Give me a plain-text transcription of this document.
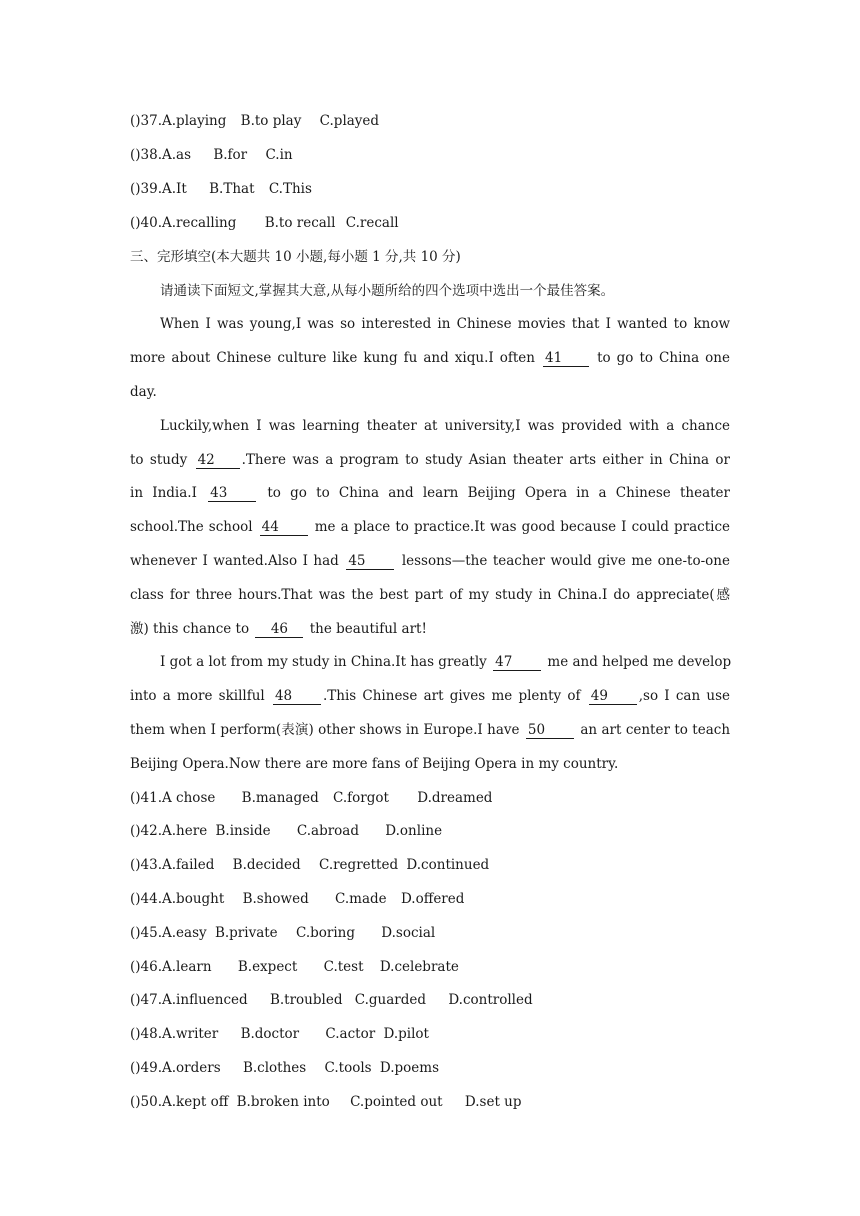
()37.A.playing B.to play C.played
()38.A.as B.for C.in
()39.A.It B.That C.This
()40.A.recalling B.to recall C.recall
三、完形填空(本大题共 10 小题,每小题 1 分,共 10 分)
请通读下面短文,掌握其大意,从每小题所给的四个选项中选出一个最佳答案。
When I was young,I was so interested in Chinese movies that I wanted to know
more about Chinese culture like kung fu and xiqu.I often 41	to go to China one
day.
Luckily,when I was learning theater at university,I was provided with a chance
to study 42 .There was a program to study Asian theater arts either in China or
in India.I 43	to go to China and learn Beijing Opera in a Chinese theater
school.The school 44	me a place to practice.It was good because I could practice
whenever I wanted.Also I had 45	lessons—the teacher would give me one-to-one
class for three hours.That was the best part of my study in China.I do appreciate(感
激) this chance to 46 the beautiful art!
I got a lot from my study in China.It has greatly 47	me and helped me develop
into a more skillful 48 .This Chinese art gives me plenty of 49 ,so I can use
them when I perform(表演) other shows in Europe.I have 50	an art center to teach
Beijing Opera.Now there are more fans of Beijing Opera in my country.
()41.A chose B.managed C.forgot D.dreamed
()42.A.here B.inside C.abroad D.online
()43.A.failed B.decided C.regretted D.continued
()44.A.bought B.showed C.made D.offered
()45.A.easy B.private C.boring D.social
()46.A.learn B.expect C.test D.celebrate
()47.A.influenced B.troubled C.guarded D.controlled
()48.A.writer B.doctor C.actor D.pilot
()49.A.orders B.clothes C.tools D.poems
()50.A.kept off B.broken into C.pointed out D.set up
